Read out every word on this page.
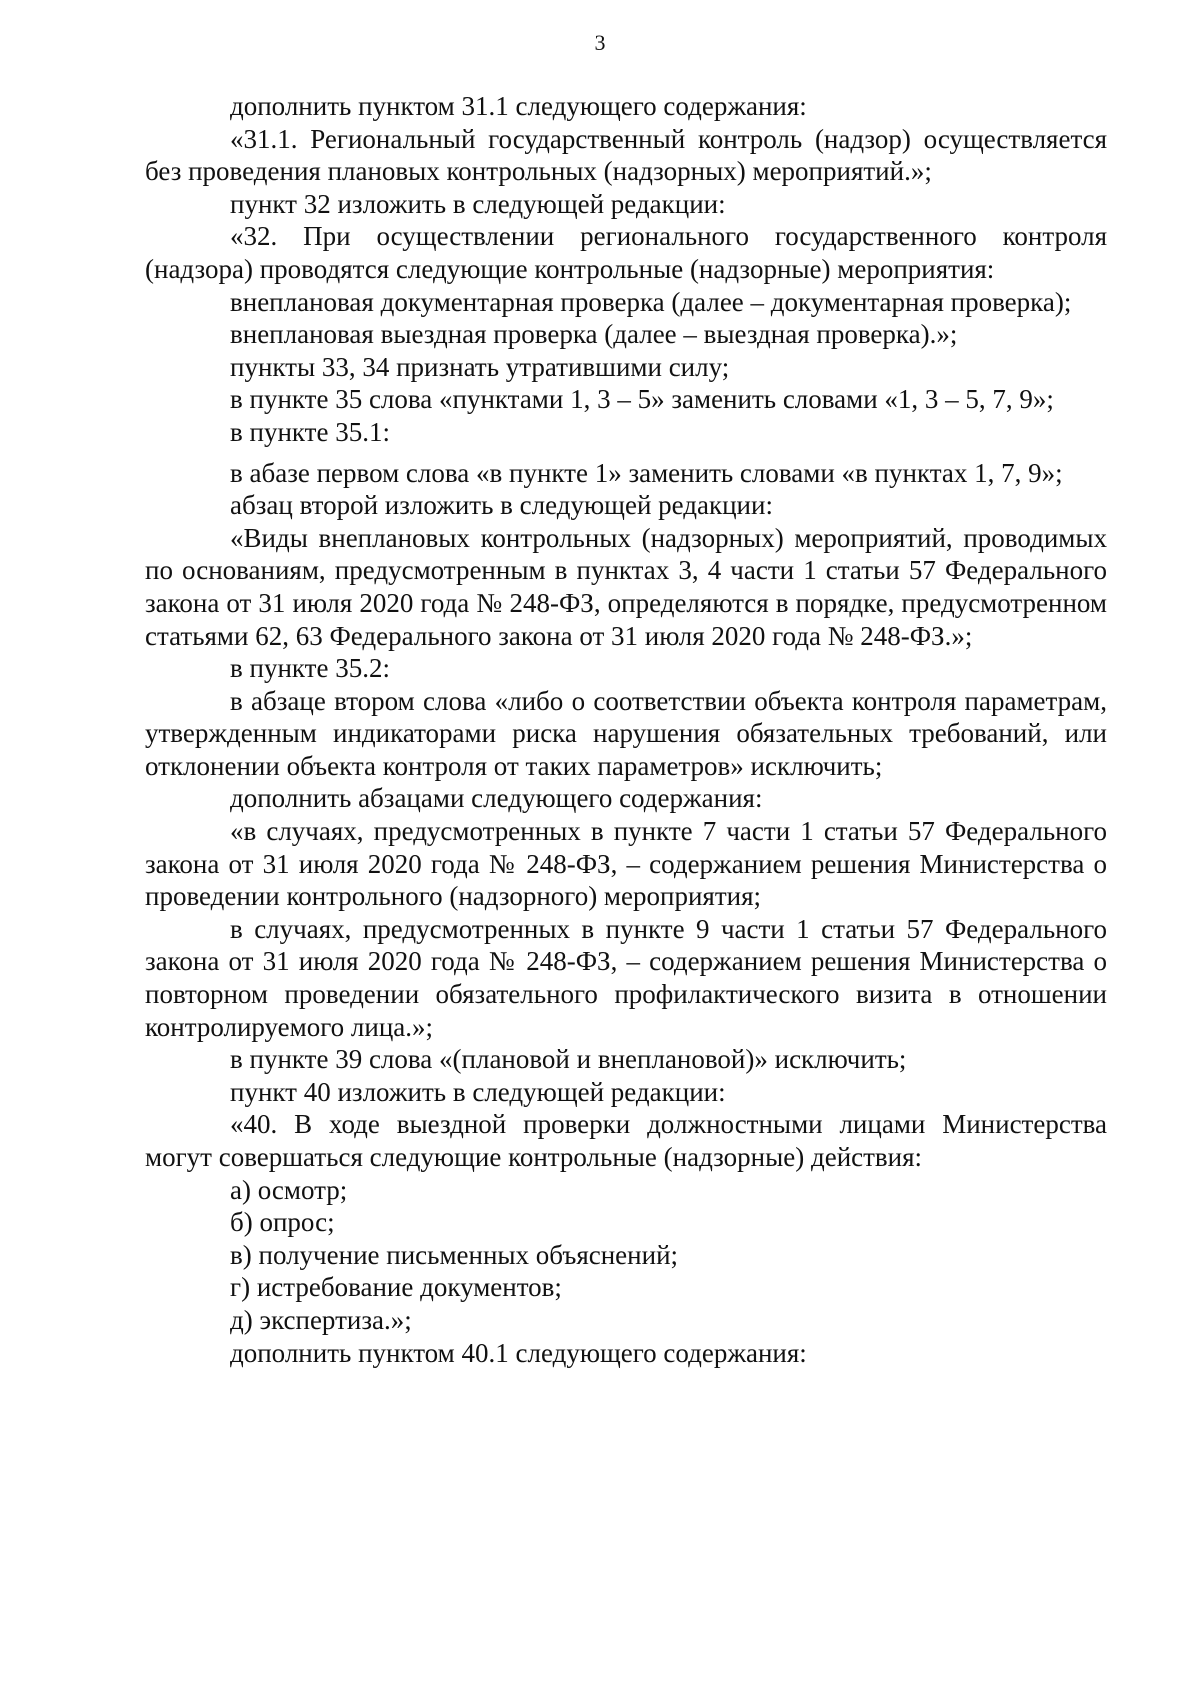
3

дополнить пунктом 31.1 следующего содержания:

«31.1. Региональный государственный контроль (надзор) осуществляется без проведения плановых контрольных (надзорных) мероприятий.»;

пункт 32 изложить в следующей редакции:

«32. При осуществлении регионального государственного контроля (надзора) проводятся следующие контрольные (надзорные) мероприятия:

внеплановая документарная проверка (далее – документарная проверка);

внеплановая выездная проверка (далее – выездная проверка).»;

пункты 33, 34 признать утратившими силу;

в пункте 35 слова «пунктами 1, 3 – 5» заменить словами «1, 3 – 5, 7, 9»;

в пункте 35.1:

в абазе первом слова «в пункте 1» заменить словами «в пунктах 1, 7, 9»;

абзац второй изложить в следующей редакции:

«Виды внеплановых контрольных (надзорных) мероприятий, проводимых по основаниям, предусмотренным в пунктах 3, 4 части 1 статьи 57 Федерального закона от 31 июля 2020 года № 248-ФЗ, определяются в порядке, предусмотренном статьями 62, 63 Федерального закона от 31 июля 2020 года № 248-ФЗ.»;

в пункте 35.2:

в абзаце втором слова «либо о соответствии объекта контроля параметрам, утвержденным индикаторами риска нарушения обязательных требований, или отклонении объекта контроля от таких параметров» исключить;

дополнить абзацами следующего содержания:

«в случаях, предусмотренных в пункте 7 части 1 статьи 57 Федерального закона от 31 июля 2020 года № 248-ФЗ, – содержанием решения Министерства о проведении контрольного (надзорного) мероприятия;

в случаях, предусмотренных в пункте 9 части 1 статьи 57 Федерального закона от 31 июля 2020 года № 248-ФЗ, – содержанием решения Министерства о повторном проведении обязательного профилактического визита в отношении контролируемого лица.»;

в пункте 39 слова «(плановой и внеплановой)» исключить;

пункт 40 изложить в следующей редакции:

«40. В ходе выездной проверки должностными лицами Министерства могут совершаться следующие контрольные (надзорные) действия:

а) осмотр;

б) опрос;

в) получение письменных объяснений;

г) истребование документов;

д) экспертиза.»;

дополнить пунктом 40.1 следующего содержания:
